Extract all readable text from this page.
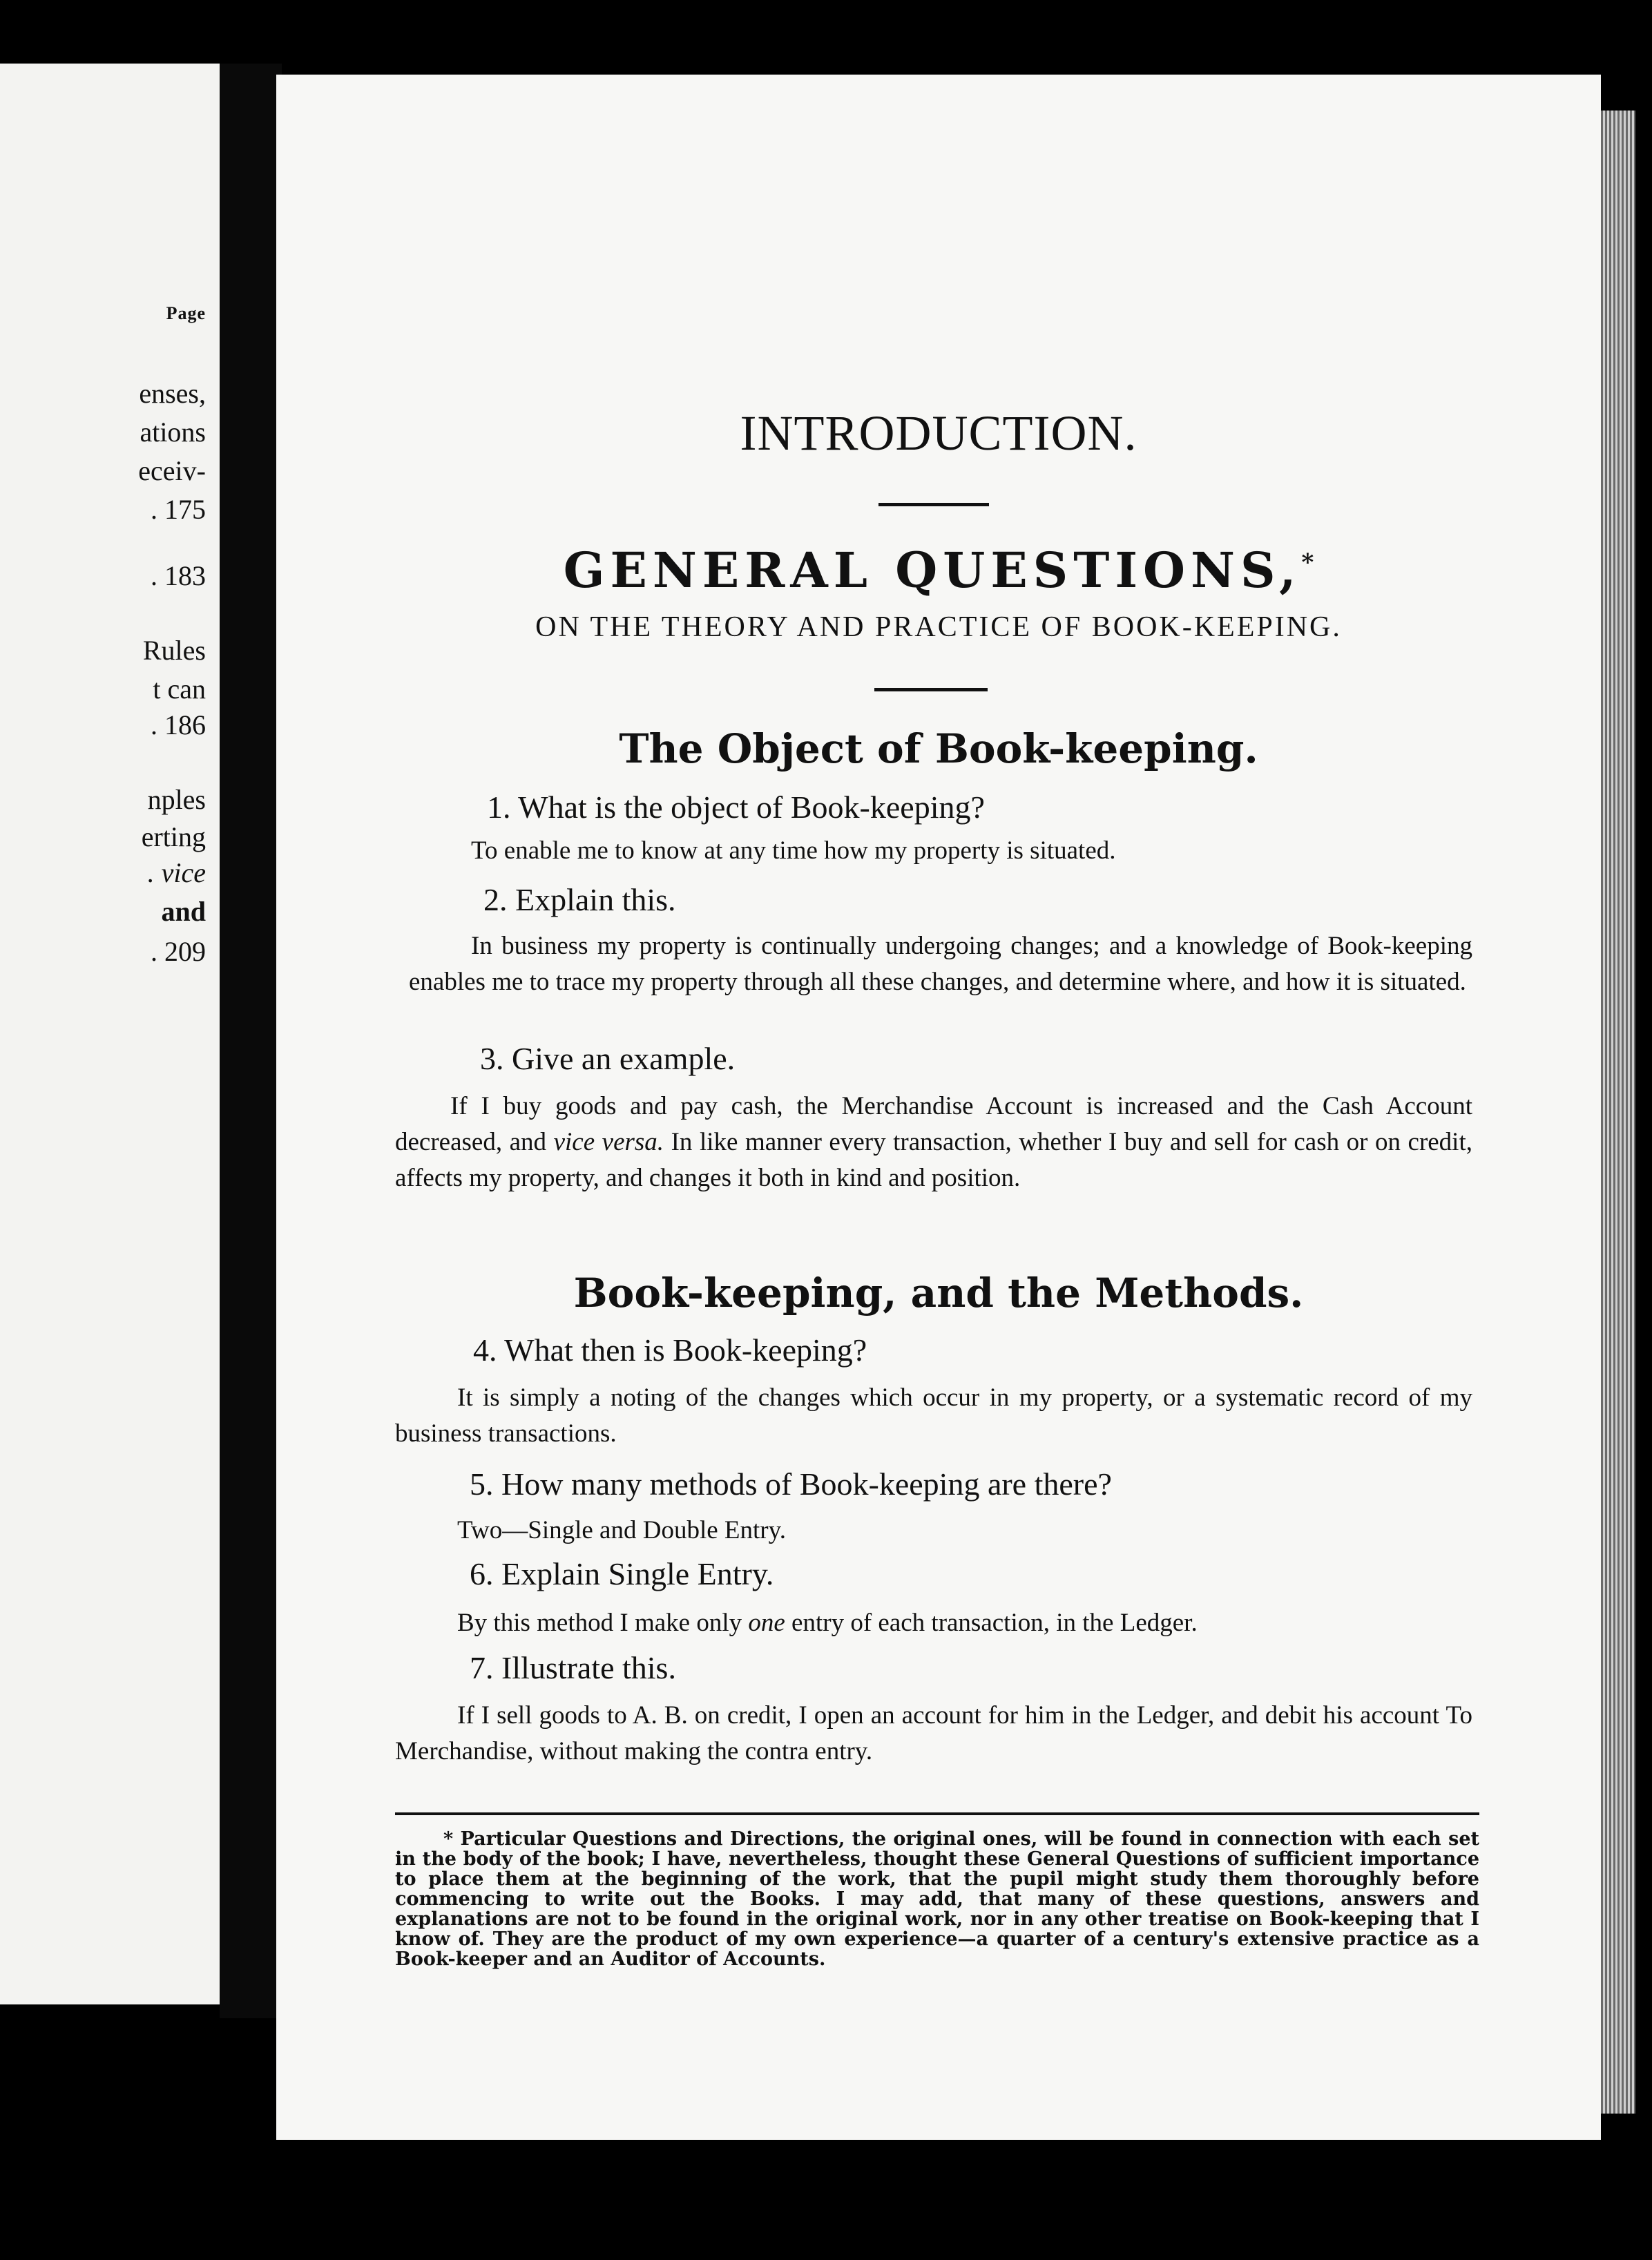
Page
enses,
ations
eceiv-
. 175
. 183
Rules
t can
. 186
nples
erting
. vice
and
. 209
INTRODUCTION.
GENERAL QUESTIONS,*
ON THE THEORY AND PRACTICE OF BOOK-KEEPING.
The Object of Book-keeping.
1. What is the object of Book-keeping?
To enable me to know at any time how my property is situated.
2. Explain this.
In business my property is continually undergoing changes; and a knowledge of Book-keeping enables me to trace my property through all these changes, and determine where, and how it is situated.
3. Give an example.
If I buy goods and pay cash, the Merchandise Account is increased and the Cash Account decreased, and vice versa. In like manner every transaction, whether I buy and sell for cash or on credit, affects my property, and changes it both in kind and position.
Book-keeping, and the Methods.
4. What then is Book-keeping?
It is simply a noting of the changes which occur in my property, or a systematic record of my business transactions.
5. How many methods of Book-keeping are there?
Two—Single and Double Entry.
6. Explain Single Entry.
By this method I make only one entry of each transaction, in the Ledger.
7. Illustrate this.
If I sell goods to A. B. on credit, I open an account for him in the Ledger, and debit his account To Merchandise, without making the contra entry.
* Particular Questions and Directions, the original ones, will be found in connection with each set in the body of the book; I have, nevertheless, thought these General Questions of sufficient importance to place them at the beginning of the work, that the pupil might study them thoroughly before commencing to write out the Books. I may add, that many of these questions, answers and explanations are not to be found in the original work, nor in any other treatise on Book-keeping that I know of. They are the product of my own experience—a quarter of a century's extensive practice as a Book-keeper and an Auditor of Accounts.
